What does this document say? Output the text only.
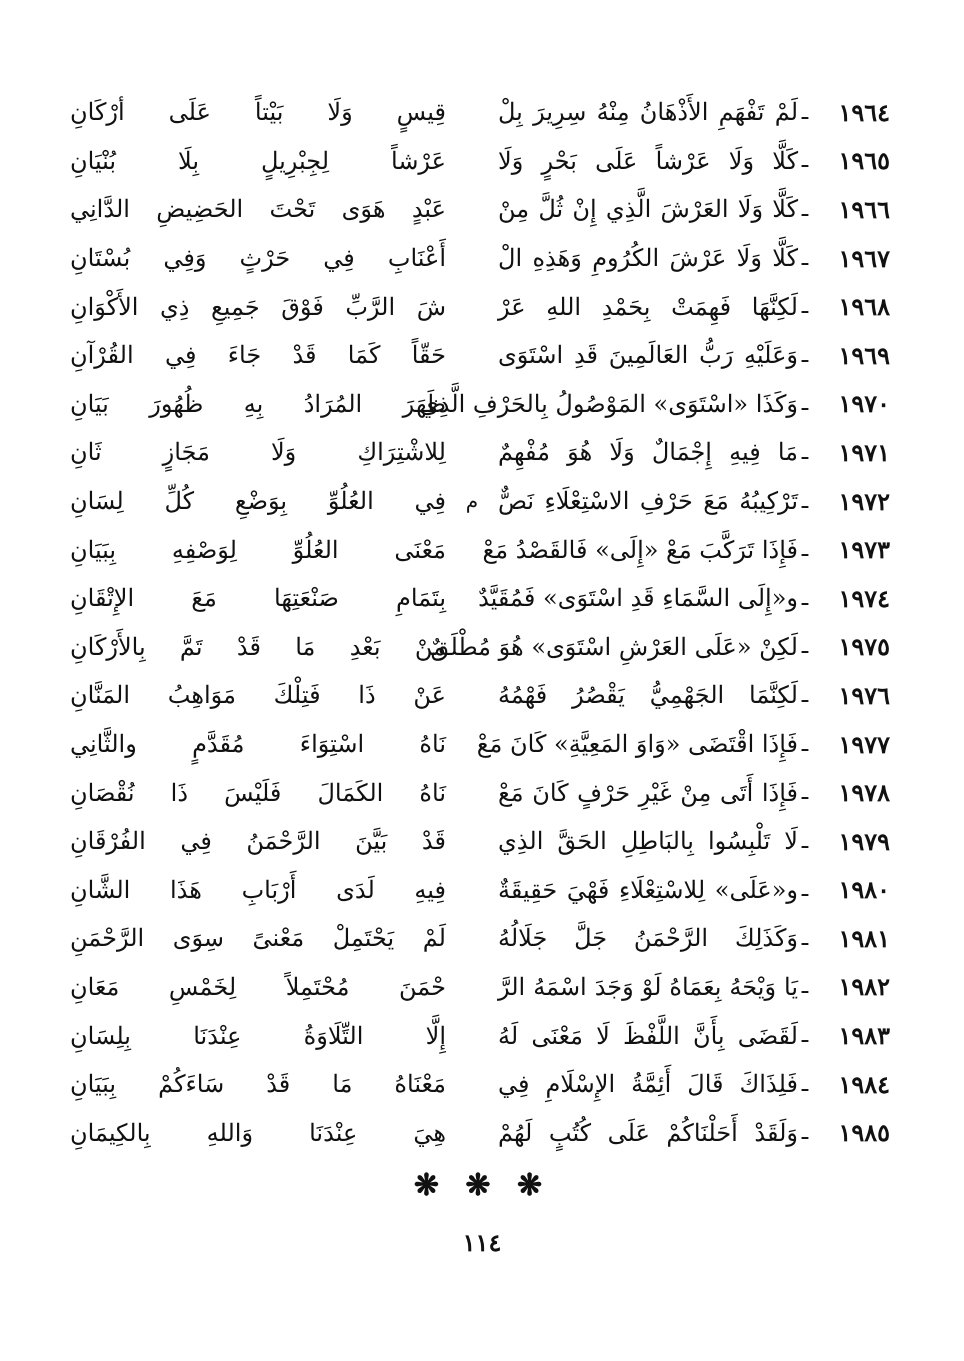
١٩٦٤
ـ
لَمْ تَفْهَمِ الأَذْهَانُ مِنْهُ سِرِيرَ بِلْ
قِيسٍ وَلَا بَيْتاً عَلَى أرْكَانِ
١٩٦٥
ـ
كَلَّا وَلَا عَرْشاً عَلَى بَحْرٍ وَلَا
عَرْشاً لِجِبْرِيلٍ بِلَا بُنْيَانِ
١٩٦٦
ـ
كَلَّا وَلَا العَرْشَ الَّذِي إِنْ ثُلَّ مِنْ
عَبْدٍ هَوَى تَحْتَ الحَضِيضِ الدَّانِي
١٩٦٧
ـ
كَلَّا وَلَا عَرْشَ الكُرُومِ وَهَذِهِ الْ
أَعْنَابِ فِي حَرْثٍ وَفِي بُسْتَانِ
١٩٦٨
ـ
لَكِنَّهَا فَهِمَتْ بِحَمْدِ اللهِ عَرْ
شَ الرَّبِّ فَوْقَ جَمِيعِ ذِي الأَكْوَانِ
١٩٦٩
ـ
وَعَلَيْهِ رَبُّ العَالَمِينَ قَدِ اسْتَوَى
حَقّاً كَمَا قَدْ جَاءَ فِي القُرْآنِ
١٩٧٠
ـ
وَكَذَا «اسْتَوَى» المَوْصُولُ بِالحَرْفِ الَّذِي
ظَهَرَ المُرَادُ بِهِ ظُهُورَ بَيَانِ
١٩٧١
ـ
مَا فِيهِ إِجْمَالٌ وَلَا هُوَ مُفْهِمٌ
لِلاشْتِرَاكِ وَلَا مَجَازٍ ثَانِ
١٩٧٢
ـ
تَرْكِيبُهُ مَعَ حَرْفِ الاسْتِعْلَاءِ نَصٌّ
م
فِي العُلُوِّ بِوَضْعِ كُلِّ لِسَانِ
١٩٧٣
ـ
فَإِذَا تَرَكَّبَ مَعْ «إِلَى» فَالقَصْدُ مَعْ
مَعْنَى العُلُوِّ لِوَصْفِهِ بِبَيَانِ
١٩٧٤
ـ
و«إِلَى السَّمَاءِ قَدِ اسْتَوَى» فَمُقَيَّدٌ
بِتَمَامِ صَنْعَتِهَا مَعَ الإِتْقَانِ
١٩٧٥
ـ
لَكِنْ «عَلَى العَرْشِ اسْتَوَى» هُوَ مُطْلَقٌ
مِنْ بَعْدِ مَا قَدْ تَمَّ بِالأَرْكَانِ
١٩٧٦
ـ
لَكِنَّمَا الجَهْمِيُّ يَقْصُرُ فَهْمُهُ
عَنْ ذَا فَتِلْكَ مَوَاهِبُ المَنَّانِ
١٩٧٧
ـ
فَإِذَا اقْتَضَى «وَاوَ المَعِيَّةِ» كَانَ مَعْ
نَاهُ اسْتِوَاءَ مُقَدَّمٍ والثَّانِي
١٩٧٨
ـ
فَإِذَا أَتَى مِنْ غَيْرِ حَرْفٍ كَانَ مَعْ
نَاهُ الكَمَالَ فَلَيْسَ ذَا نُقْصَانِ
١٩٧٩
ـ
لَا تَلْبِسُوا بِالبَاطِلِ الحَقَّ الذِي
قَدْ بَيَّنَ الرَّحْمَنُ فِي الفُرْقَانِ
١٩٨٠
ـ
و«عَلَى» لِلاسْتِعْلَاءِ فَهْيَ حَقِيقَةٌ
فِيهِ لَدَى أَرْبَابِ هَذَا الشَّانِ
١٩٨١
ـ
وَكَذَلِكَ الرَّحْمَنُ جَلَّ جَلَالُهُ
لَمْ يَحْتَمِلْ مَعْنىً سِوَى الرَّحْمَنِ
١٩٨٢
ـ
يَا وَيْحَهُ بِعَمَاهُ لَوْ وَجَدَ اسْمَهُ الرَّ
حْمَنَ مُحْتَمِلاً لِخَمْسِ مَعَانِ
١٩٨٣
ـ
لَقَضَى بِأَنَّ اللَّفْظَ لَا مَعْنَى لَهُ
إِلَّا التِّلَاوَةُ عِنْدَنَا بِلِسَانِ
١٩٨٤
ـ
فَلِذَاكَ قَالَ أَئِمَّةُ الإِسْلَامِ فِي
مَعْنَاهُ مَا قَدْ سَاءَكُمْ بِبَيَانِ
١٩٨٥
ـ
وَلَقَدْ أَحَلْنَاكُمْ عَلَى كُتُبٍ لَهُمْ
هِيَ عِنْدَنَا وَاللهِ بِالكِيمَانِ
❋ ❋ ❋
١١٤
